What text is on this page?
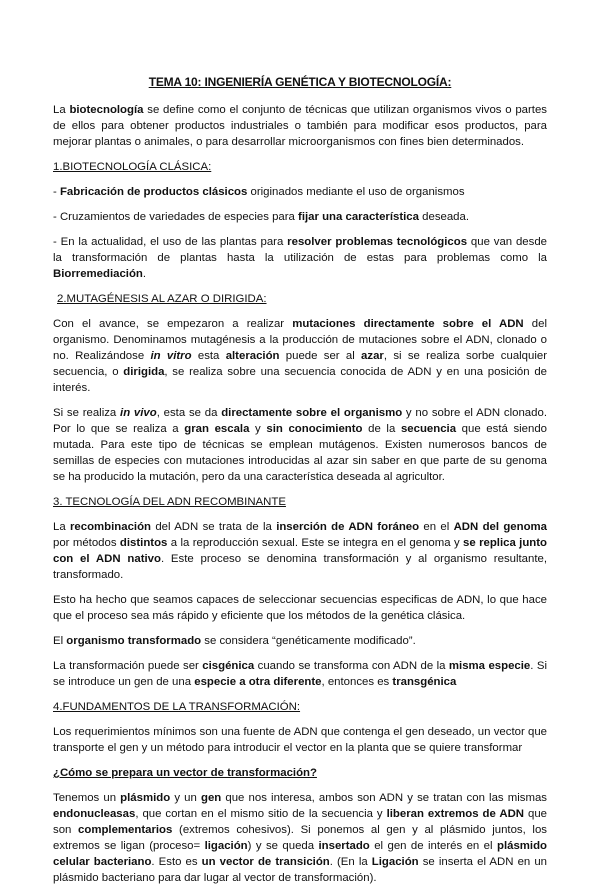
TEMA 10: INGENIERÍA GENÉTICA Y BIOTECNOLOGÍA:

La biotecnología se define como el conjunto de técnicas que utilizan organismos vivos o partes de ellos para obtener productos industriales o también para modificar esos productos, para mejorar plantas o animales, o para desarrollar microorganismos con fines bien determinados.

1.BIOTECNOLOGÍA CLÁSICA:

- Fabricación de productos clásicos originados mediante el uso de organismos

- Cruzamientos de variedades de especies para fijar una característica deseada.

- En la actualidad, el uso de las plantas para resolver problemas tecnológicos que van desde la transformación de plantas hasta la utilización de estas para problemas como la Biorremediación.

2.MUTAGÉNESIS AL AZAR O DIRIGIDA:

Con el avance, se empezaron a realizar mutaciones directamente sobre el ADN del organismo. Denominamos mutagénesis a la producción de mutaciones sobre el ADN, clonado o no. Realizándose in vitro esta alteración puede ser al azar, si se realiza sorbe cualquier secuencia, o dirigida, se realiza sobre una secuencia conocida de ADN y en una posición de interés.

Si se realiza in vivo, esta se da directamente sobre el organismo y no sobre el ADN clonado. Por lo que se realiza a gran escala y sin conocimiento de la secuencia que está siendo mutada. Para este tipo de técnicas se emplean mutágenos. Existen numerosos bancos de semillas de especies con mutaciones introducidas al azar sin saber en que parte de su genoma se ha producido la mutación, pero da una característica deseada al agricultor.

3. TECNOLOGÍA DEL ADN RECOMBINANTE

La recombinación del ADN se trata de la inserción de ADN foráneo en el ADN del genoma por métodos distintos a la reproducción sexual. Este se integra en el genoma y se replica junto con el ADN nativo. Este proceso se denomina transformación y al organismo resultante, transformado.

Esto ha hecho que seamos capaces de seleccionar secuencias especificas de ADN, lo que hace que el proceso sea más rápido y eficiente que los métodos de la genética clásica.

El organismo transformado se considera “genéticamente modificado”.

La transformación puede ser cisgénica cuando se transforma con ADN de la misma especie. Si se introduce un gen de una especie a otra diferente, entonces es transgénica

4.FUNDAMENTOS DE LA TRANSFORMACIÓN:

Los requerimientos mínimos son una fuente de ADN que contenga el gen deseado, un vector que transporte el gen y un método para introducir el vector en la planta que se quiere transformar

¿Cómo se prepara un vector de transformación?

Tenemos un plásmido y un gen que nos interesa, ambos son ADN y se tratan con las mismas endonucleasas, que cortan en el mismo sitio de la secuencia y liberan extremos de ADN que son complementarios (extremos cohesivos). Si ponemos al gen y al plásmido juntos, los extremos se ligan (proceso= ligación) y se queda insertado el gen de interés en el plásmido celular bacteriano. Esto es un vector de transición. (En la Ligación se inserta el ADN en un plásmido bacteriano para dar lugar al vector de transformación).
